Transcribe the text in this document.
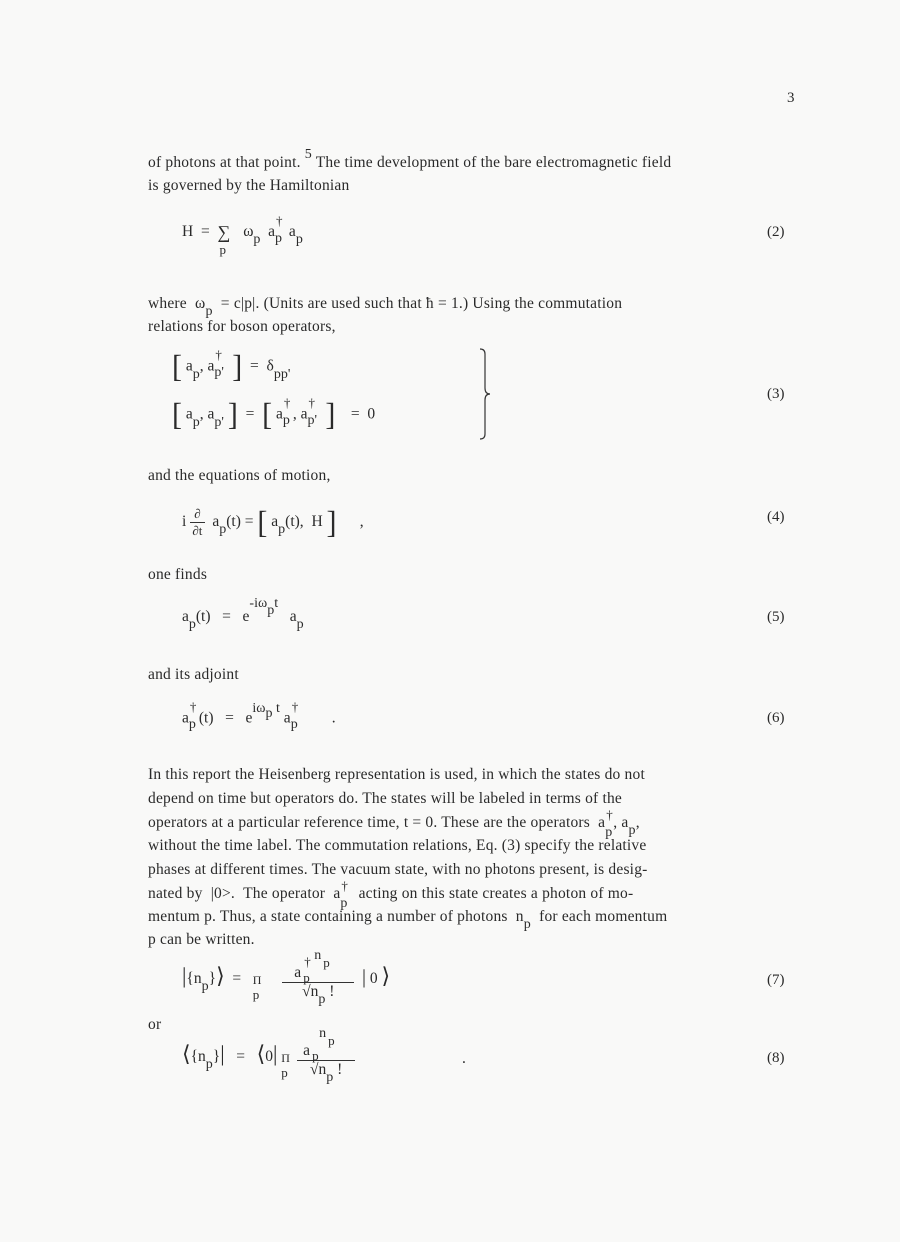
3
of photons at that point. 5 The time development of the bare electromagnetic field
is governed by the Hamiltonian
H = ∑
p
ωp a
†
p ap	(2)
where ωp = c|p|. (Units are used such that ħ = 1.) Using the commutation
relations for boson operators,
[ ap, a
†
p' ] = δpp'
[ ap, ap' ] = [ a
†
p , a
†
p' ] = 0
(3)
and the equations of motion,
i $\frac{\partial}{\partial t} ap(t)$ = [ ap(t), H ] ,	(4)
one finds
ap(t) = e-iωpt   ap	(5)
and its adjoint
a
†
p (t) = eiωp t a
†
p .	(6)
In this report the Heisenberg representation is used, in which the states do not
depend on time but operators do. The states will be labeled in terms of the
operators at a particular reference time, t = 0. These are the operators a †
p
, ap,
without the time label. The commutation relations, Eq. (3) specify the relative
phases at different times. The vacuum state, with no photons present, is desig-
nated by |0>. The operator a †
p
acting on this state creates a photon of mo-
mentum p. Thus, a state containing a number of photons np for each momentum
p can be written.
|{np}⟩ = Π
p
a
†
p
n p
√np ! | 0 ⟩	(7)
or
⟨{np}| = ⟨0| Π
p
a p
n p
√np !	.	(8)
